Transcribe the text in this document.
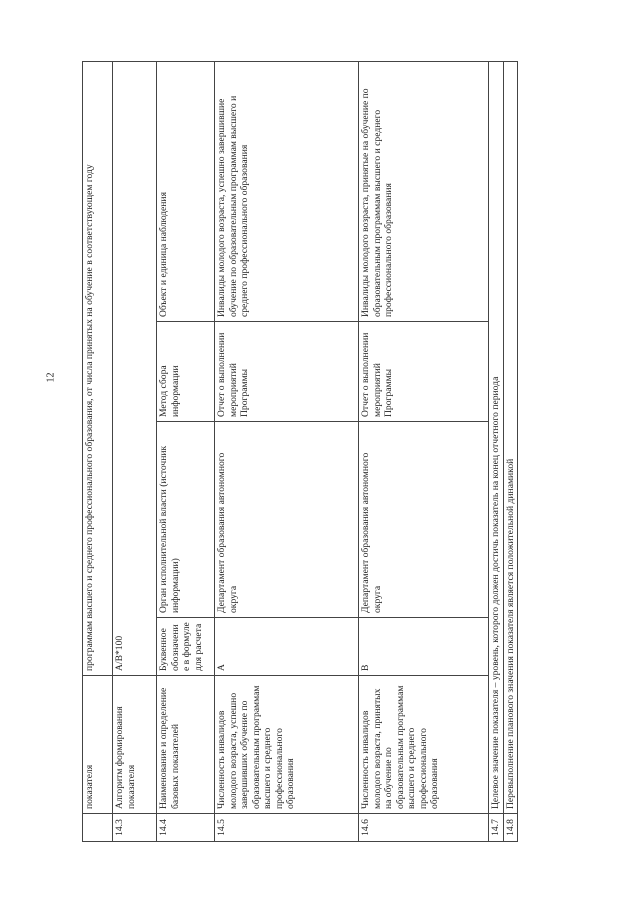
12
	показателя	программам высшего и среднего профессионального образования, от числа принятых на обучение в соответствующем году			
14.3	Алгоритм формирования показателя	А/В*100			
14.4	Наименование и определение базовых показателей	Буквенное обозначение в формуле для расчета	Орган исполнительной власти (источник информации)	Метод сбора информации	Объект и единица наблюдения
14.5	Численность инвалидов молодого возраста, успешно завершивших обучение по образовательным программам высшего и среднего профессионального образования	А	Департамент образования автономного округа	Отчет о выполнении мероприятий Программы	Инвалиды молодого возраста, успешно завершившие обучение по образовательным программам высшего и среднего профессионального образования
14.6	Численность инвалидов молодого возраста, принятых на обучение по образовательным программам высшего и среднего профессионального образования	В	Департамент образования автономного округа	Отчет о выполнении мероприятий Программы	Инвалиды молодого возраста, принятые на обучение по образовательным программам высшего и среднего профессионального образования
14.7	Целевое значение показателя – уровень, которого должен достичь показатель на конец отчетного периода				
14.8	Перевыполнение планового значения показателя является положительной динамикой				
